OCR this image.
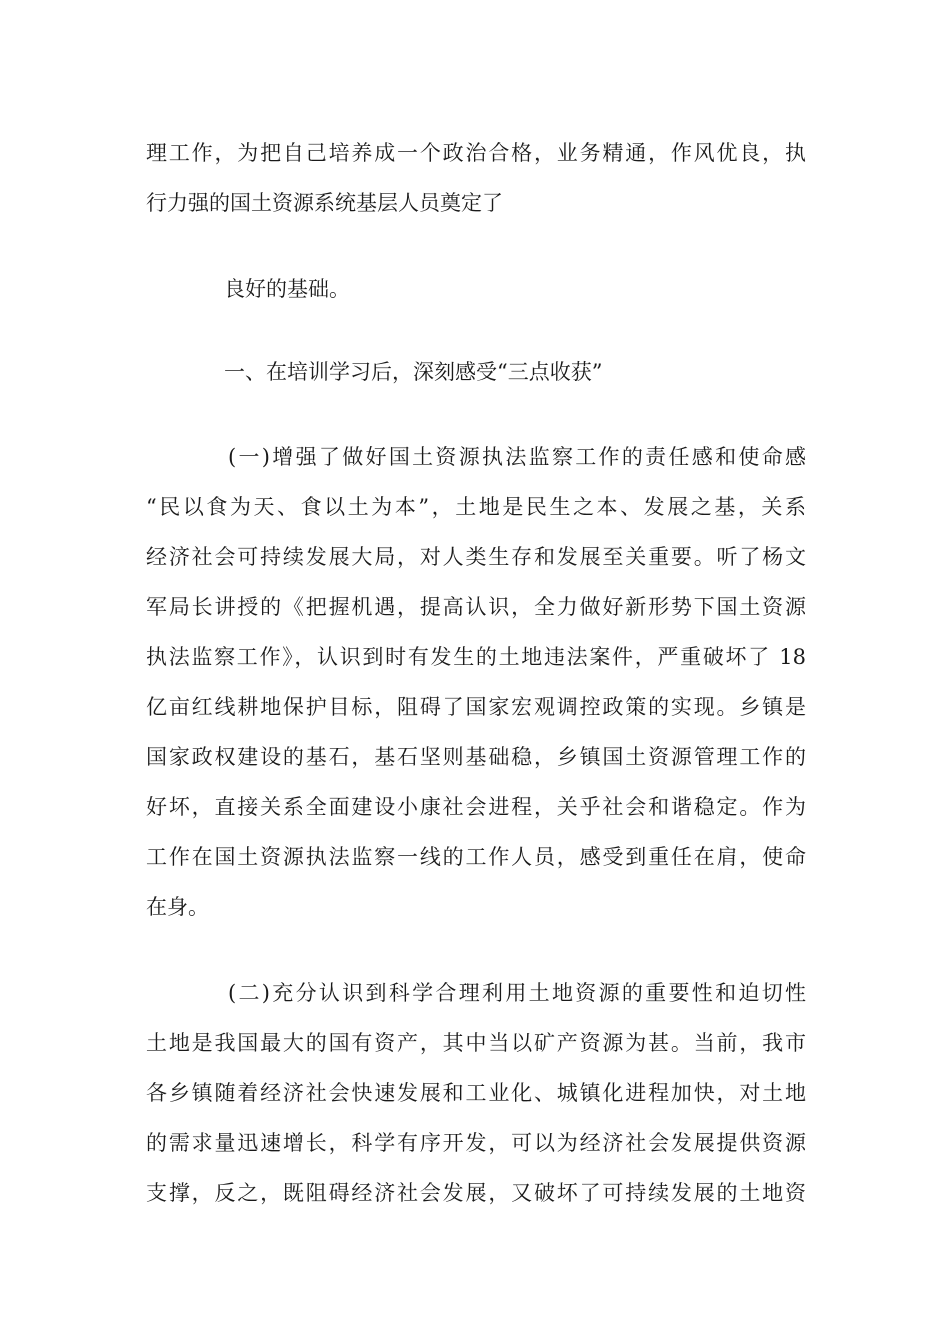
理工作，为把自己培养成一个政治合格，业务精通，作风优良，执
行力强的国土资源系统基层人员奠定了
良好的基础。
一、在培训学习后，深刻感受“三点收获”
(一)增强了做好国土资源执法监察工作的责任感和使命感
“民以食为天、食以土为本”，土地是民生之本、发展之基，关系
经济社会可持续发展大局，对人类生存和发展至关重要。听了杨文
军局长讲授的《把握机遇，提高认识，全力做好新形势下国土资源
执法监察工作》，认识到时有发生的土地违法案件，严重破坏了 18
亿亩红线耕地保护目标，阻碍了国家宏观调控政策的实现。乡镇是
国家政权建设的基石，基石坚则基础稳，乡镇国土资源管理工作的
好坏，直接关系全面建设小康社会进程，关乎社会和谐稳定。作为
工作在国土资源执法监察一线的工作人员，感受到重任在肩，使命
在身。
(二)充分认识到科学合理利用土地资源的重要性和迫切性
土地是我国最大的国有资产，其中当以矿产资源为甚。当前，我市
各乡镇随着经济社会快速发展和工业化、城镇化进程加快，对土地
的需求量迅速增长，科学有序开发，可以为经济社会发展提供资源
支撑，反之，既阻碍经济社会发展，又破坏了可持续发展的土地资
